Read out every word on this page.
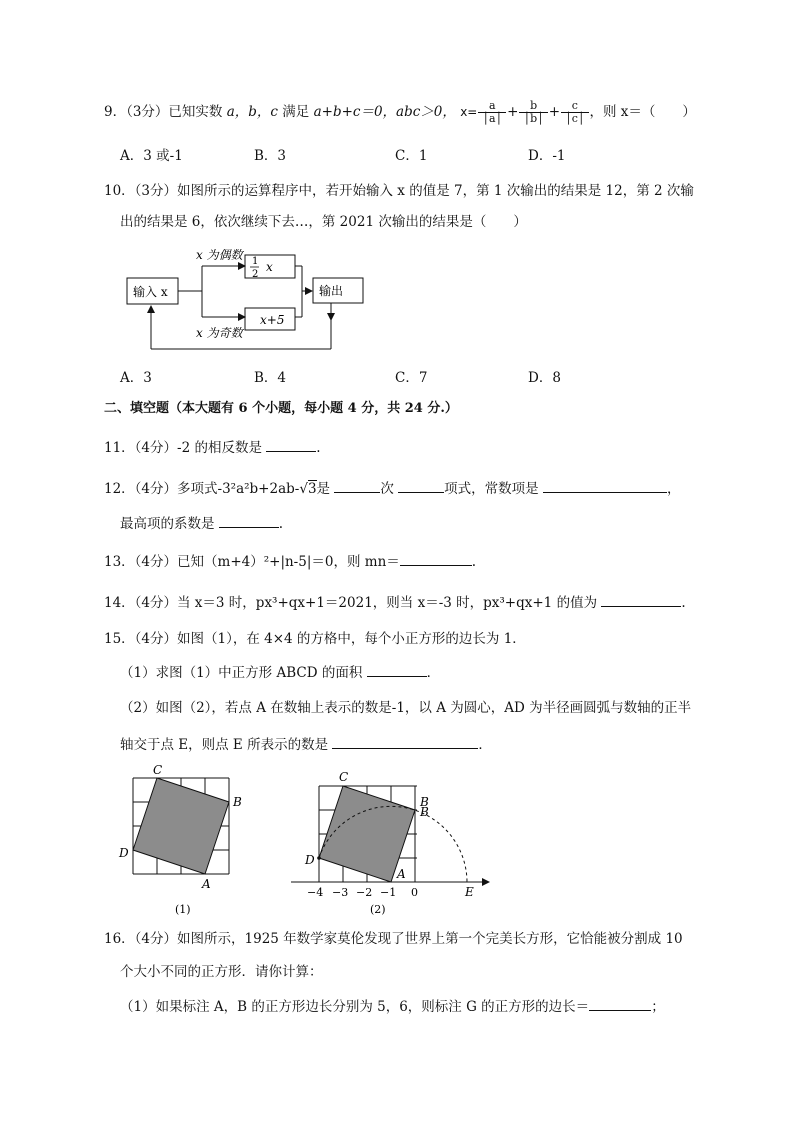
9．（3分）已知实数 a，b，c 满足 a+b+c＝0，abc＞0， $x= \frac{a}{│a│} + \frac{b}{│b│} + \frac{c}{│c│}$ ，则 x＝（　　）
A．3 或-1	B．3	C．1	D．-1
10．（3分）如图所示的运算程序中，若开始输入 x 的值是 7，第 1 次输出的结果是 12，第 2 次输
出的结果是 6，依次继续下去…，第 2021 次输出的结果是（　　）
输入 x
x 为偶数
x 为奇数
1
2
x
x+5
输出
A．3	B．4	C．7	D．8
二、填空题（本大题有 6 个小题，每小题 4 分，共 24 分.）
11．（4分）-2 的相反数是	.
12．（4分）多项式-3²a²b+2ab-√3是	次	项式，常数项是	，
最高项的系数是	.
13．（4分）已知（m+4）²+|n-5|＝0，则 mn＝	.
14．（4分）当 x＝3 时，px³+qx+1＝2021，则当 x＝-3 时，px³+qx+1 的值为	.
15．（4分）如图（1），在 4×4 的方格中，每个小正方形的边长为 1．
（1）求图（1）中正方形 ABCD 的面积	．
（2）如图（2），若点 A 在数轴上表示的数是-1，以 A 为圆心，AD 为半径画圆弧与数轴的正半
轴交于点 E，则点 E 所表示的数是	．
C
B
D
A
(1)
C
B
B
D
A
E
−4 −3 −2 −1 0
(2)
16．（4分）如图所示，1925 年数学家莫伦发现了世界上第一个完美长方形，它恰能被分割成 10
个大小不同的正方形．请你计算：
（1）如果标注 A，B 的正方形边长分别为 5，6，则标注 G 的正方形的边长＝	；
